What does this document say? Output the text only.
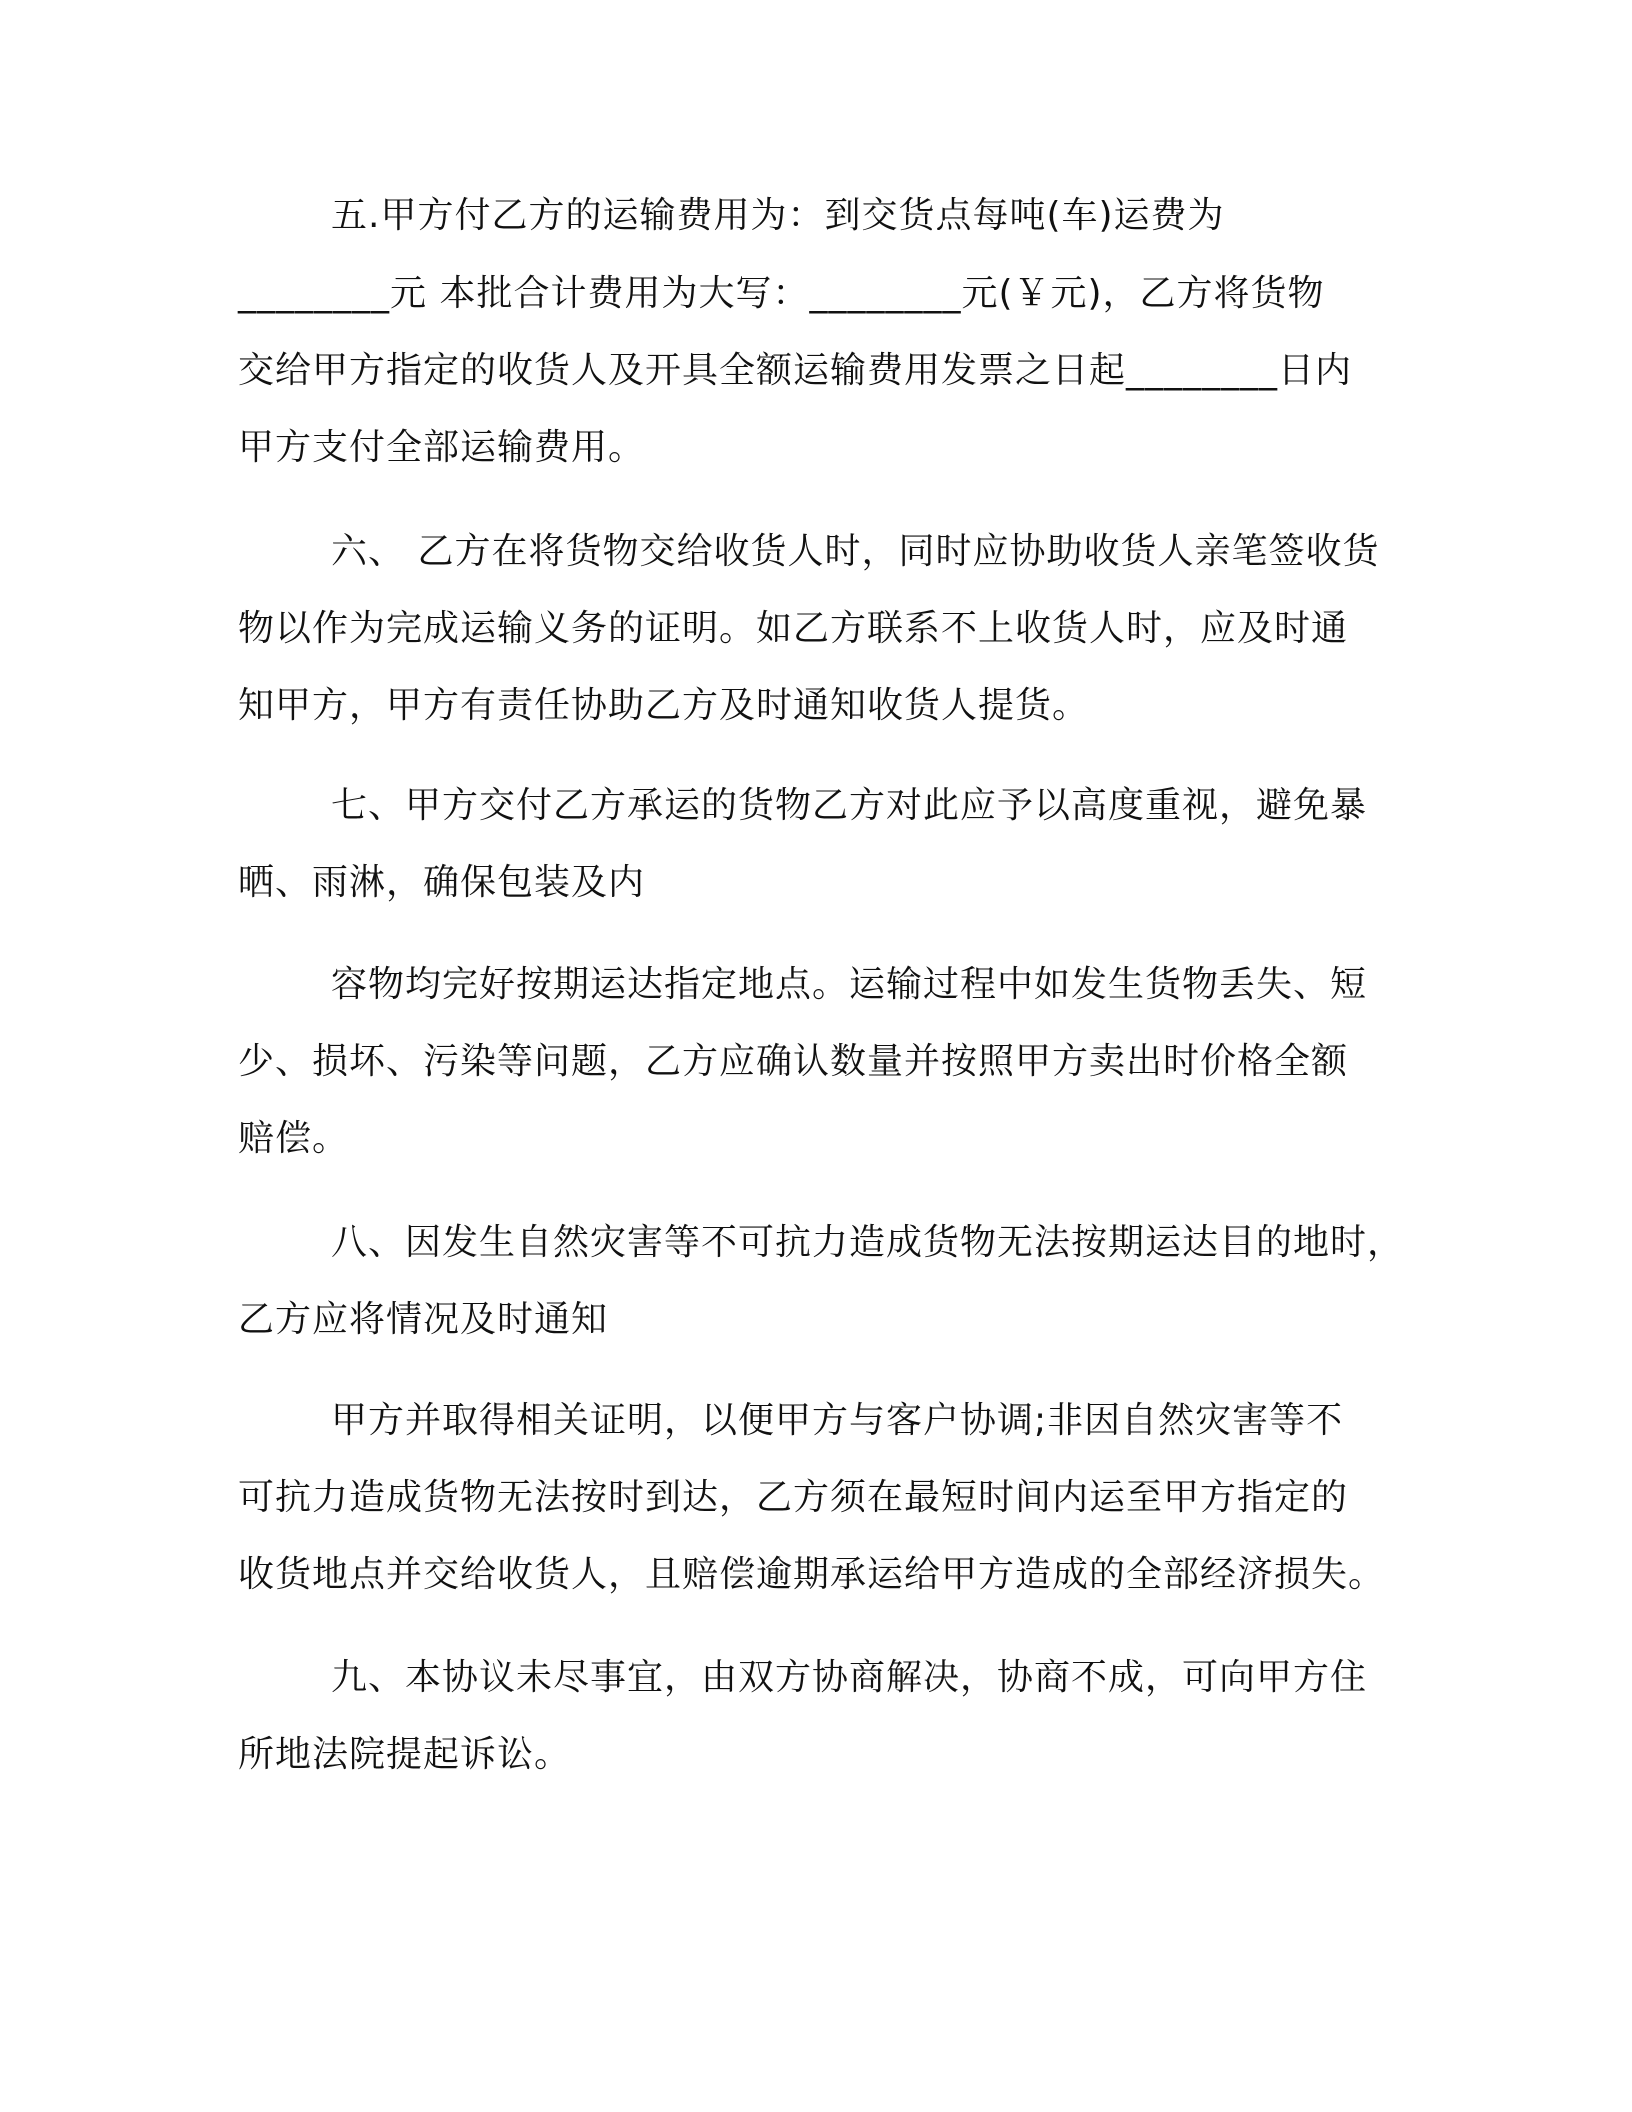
五.甲方付乙方的运输费用为：到交货点每吨(车)运费为
________元 本批合计费用为大写：________元(￥元)，乙方将货物
交给甲方指定的收货人及开具全额运输费用发票之日起________日内
甲方支付全部运输费用。
六、 乙方在将货物交给收货人时，同时应协助收货人亲笔签收货
物以作为完成运输义务的证明。如乙方联系不上收货人时，应及时通
知甲方，甲方有责任协助乙方及时通知收货人提货。
七、甲方交付乙方承运的货物乙方对此应予以高度重视，避免暴
晒、雨淋，确保包装及内
容物均完好按期运达指定地点。运输过程中如发生货物丢失、短
少、损坏、污染等问题，乙方应确认数量并按照甲方卖出时价格全额
赔偿。
八、因发生自然灾害等不可抗力造成货物无法按期运达目的地时，
乙方应将情况及时通知
甲方并取得相关证明，以便甲方与客户协调;非因自然灾害等不
可抗力造成货物无法按时到达，乙方须在最短时间内运至甲方指定的
收货地点并交给收货人，且赔偿逾期承运给甲方造成的全部经济损失。
九、本协议未尽事宜，由双方协商解决，协商不成，可向甲方住
所地法院提起诉讼。
